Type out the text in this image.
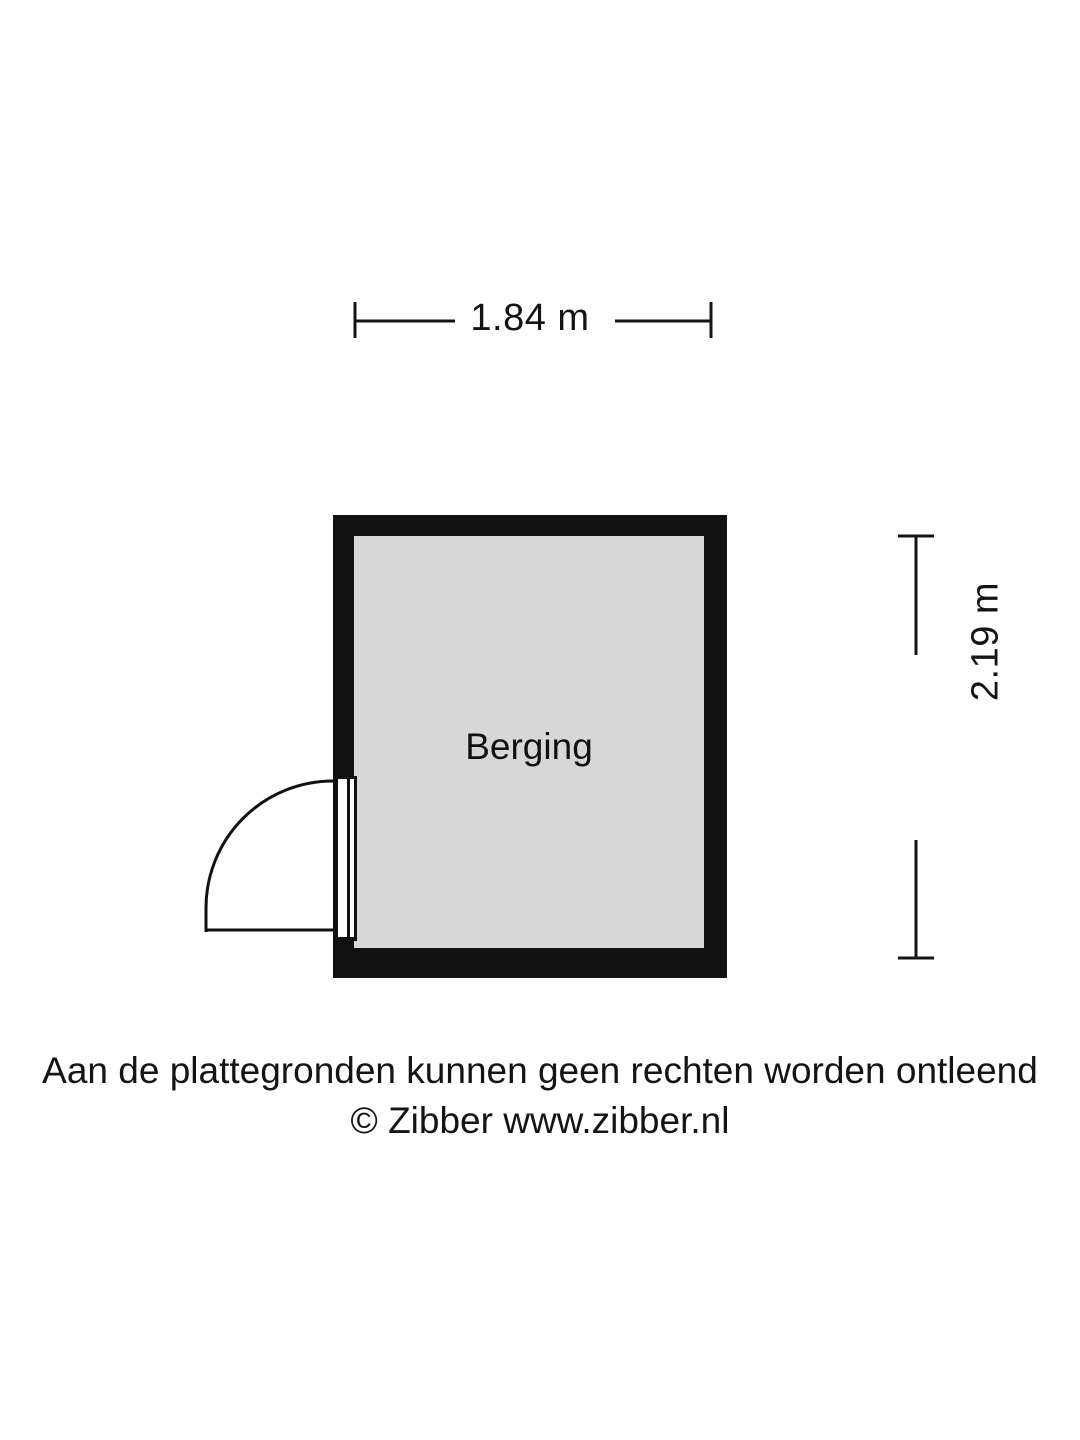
1.84 m
2.19 m
Berging
Aan de plattegronden kunnen geen rechten worden ontleend
© Zibber www.zibber.nl
